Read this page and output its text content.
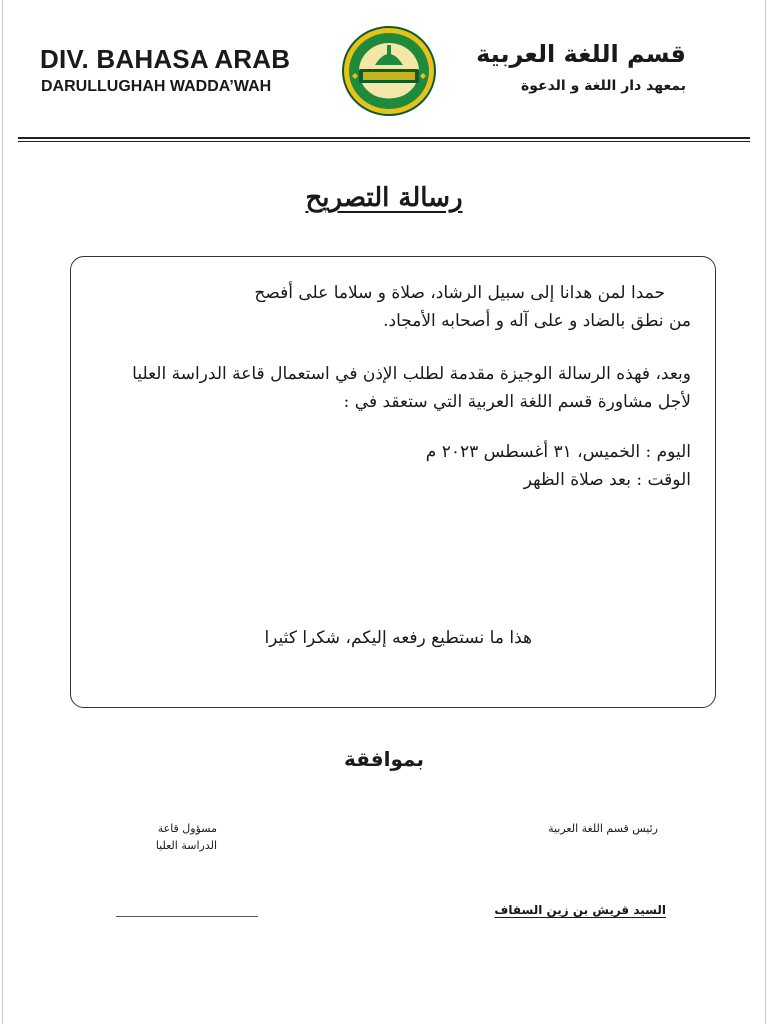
DIV. BAHASA ARAB
DARULLUGHAH WADDA’WAH
قسم اللغة العربية
بمعهد دار اللغة و الدعوة
رسالة التصريح
حمدا لمن هدانا إلى سبيل الرشاد، صلاة و سلاما على أفصح
من نطق بالضاد و على آله و أصحابه الأمجاد.
وبعد، فهذه الرسالة الوجيزة مقدمة لطلب الإذن في استعمال قاعة الدراسة العليا
لأجل مشاورة قسم اللغة العربية التي ستعقد في :
اليوم : الخميس، ٣١ أغسطس ٢٠٢٣ م
الوقت : بعد صلاة الظهر
هذا ما نستطيع رفعه إليكم، شكرا كثيرا
بموافقة
رئيس قسم اللغة العربية
مسؤول قاعة
الدراسة العليا
السيد قريش بن زين السقاف
